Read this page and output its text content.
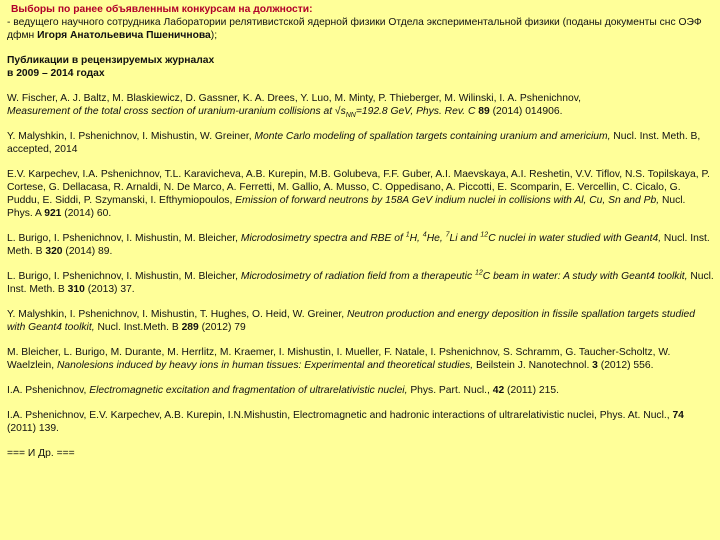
Выборы по ранее объявленным конкурсам на должности:
- ведущего научного сотрудника Лаборатории релятивистской ядерной физики Отдела экспериментальной физики (поданы документы снс ОЭФ дфмн Игоря Анатольевича Пшеничнова);
Публикации в рецензируемых журналах
в 2009 – 2014 годах
W. Fischer, A. J. Baltz, M. Blaskiewicz, D. Gassner, K. A. Drees, Y. Luo, M. Minty, P. Thieberger, M. Wilinski, I. A. Pshenichnov,
Measurement of the total cross section of uranium-uranium collisions at $√s_{NN}=192.8$ GeV, Phys. Rev. C 89 (2014) 014906.
Y. Malyshkin, I. Pshenichnov, I. Mishustin, W. Greiner, Monte Carlo modeling of spallation targets containing uranium and americium, Nucl. Inst. Meth. B, accepted, 2014
E.V. Karpechev, I.A. Pshenichnov, T.L. Karavicheva, A.B. Kurepin, M.B. Golubeva, F.F. Guber, A.I. Maevskaya, A.I. Reshetin, V.V. Tiflov, N.S. Topilskaya, P. Cortese, G. Dellacasa, R. Arnaldi, N. De Marco, A. Ferretti, M. Gallio, A. Musso, C. Oppedisano, A. Piccotti, E. Scomparin, E. Vercellin, C. Cicalo, G. Puddu, E. Siddi, P. Szymanski, I. Efthymiopoulos, Emission of forward neutrons by 158A GeV indium nuclei in collisions with Al, Cu, Sn and Pb, Nucl. Phys. A 921 (2014) 60.
L. Burigo, I. Pshenichnov, I. Mishustin, M. Bleicher, Microdosimetry spectra and RBE of $^1$H, $^4$He, $^7$Li and $^{12}$C nuclei in water studied with Geant4, Nucl. Inst. Meth. B 320 (2014) 89.
L. Burigo, I. Pshenichnov, I. Mishustin, M. Bleicher, Microdosimetry of radiation field from a therapeutic $^{12}$C beam in water: A study with Geant4 toolkit, Nucl. Inst. Meth. B 310 (2013) 37.
Y. Malyshkin, I. Pshenichnov, I. Mishustin, T. Hughes, O. Heid, W. Greiner, Neutron production and energy deposition in fissile spallation targets studied with Geant4 toolkit, Nucl. Inst.Meth. B 289 (2012) 79
M. Bleicher, L. Burigo, M. Durante, M. Herrlitz, M. Kraemer, I. Mishustin, I. Mueller, F. Natale, I. Pshenichnov, S. Schramm, G. Taucher-Scholtz, W. Waelzlein, Nanolesions induced by heavy ions in human tissues: Experimental and theoretical studies, Beilstein J. Nanotechnol. 3 (2012) 556.
I.A. Pshenichnov, Electromagnetic excitation and fragmentation of ultrarelativistic nuclei, Phys. Part. Nucl., 42 (2011) 215.
I.A. Pshenichnov, E.V. Karpechev, A.B. Kurepin, I.N.Mishustin, Electromagnetic and hadronic interactions of ultrarelativistic nuclei, Phys. At. Nucl., 74 (2011) 139.
=== И Др. ===
